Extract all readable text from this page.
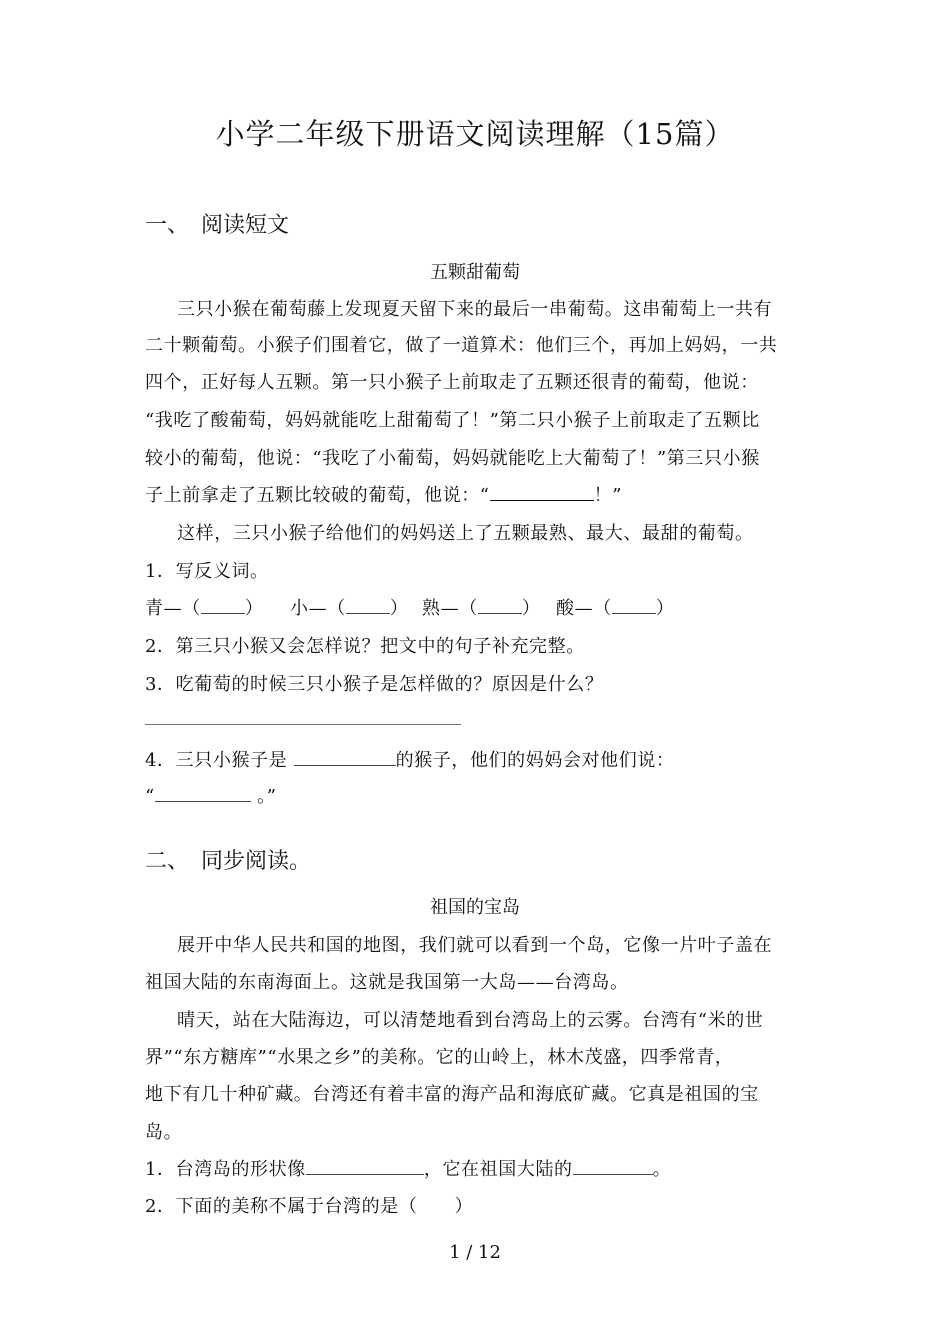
小学二年级下册语文阅读理解（15篇）
一、 阅读短文
五颗甜葡萄
三只小猴在葡萄藤上发现夏天留下来的最后一串葡萄。这串葡萄上一共有
二十颗葡萄。小猴子们围着它，做了一道算术：他们三个，再加上妈妈，一共
四个，正好每人五颗。第一只小猴子上前取走了五颗还很青的葡萄，他说：
“我吃了酸葡萄，妈妈就能吃上甜葡萄了！”第二只小猴子上前取走了五颗比
较小的葡萄，他说：“我吃了小葡萄，妈妈就能吃上大葡萄了！”第三只小猴
子上前拿走了五颗比较破的葡萄，他说：“	！”
这样，三只小猴子给他们的妈妈送上了五颗最熟、最大、最甜的葡萄。
1．写反义词。
青—（ ） 小—（ ） 熟—（ ） 酸—（ ）
2．第三只小猴又会怎样说？把文中的句子补充完整。
3．吃葡萄的时候三只小猴子是怎样做的？原因是什么？
4．三只小猴子是	的猴子，他们的妈妈会对他们说：
“	。”
二、 同步阅读。
祖国的宝岛
展开中华人民共和国的地图，我们就可以看到一个岛，它像一片叶子盖在
祖国大陆的东南海面上。这就是我国第一大岛——台湾岛。
晴天，站在大陆海边，可以清楚地看到台湾岛上的云雾。台湾有“米的世
界”“东方糖库”“水果之乡”的美称。它的山岭上，林木茂盛，四季常青，
地下有几十种矿藏。台湾还有着丰富的海产品和海底矿藏。它真是祖国的宝
岛。
1．台湾岛的形状像	，它在祖国大陆的	。
2．下面的美称不属于台湾的是（　　）
1 / 12
